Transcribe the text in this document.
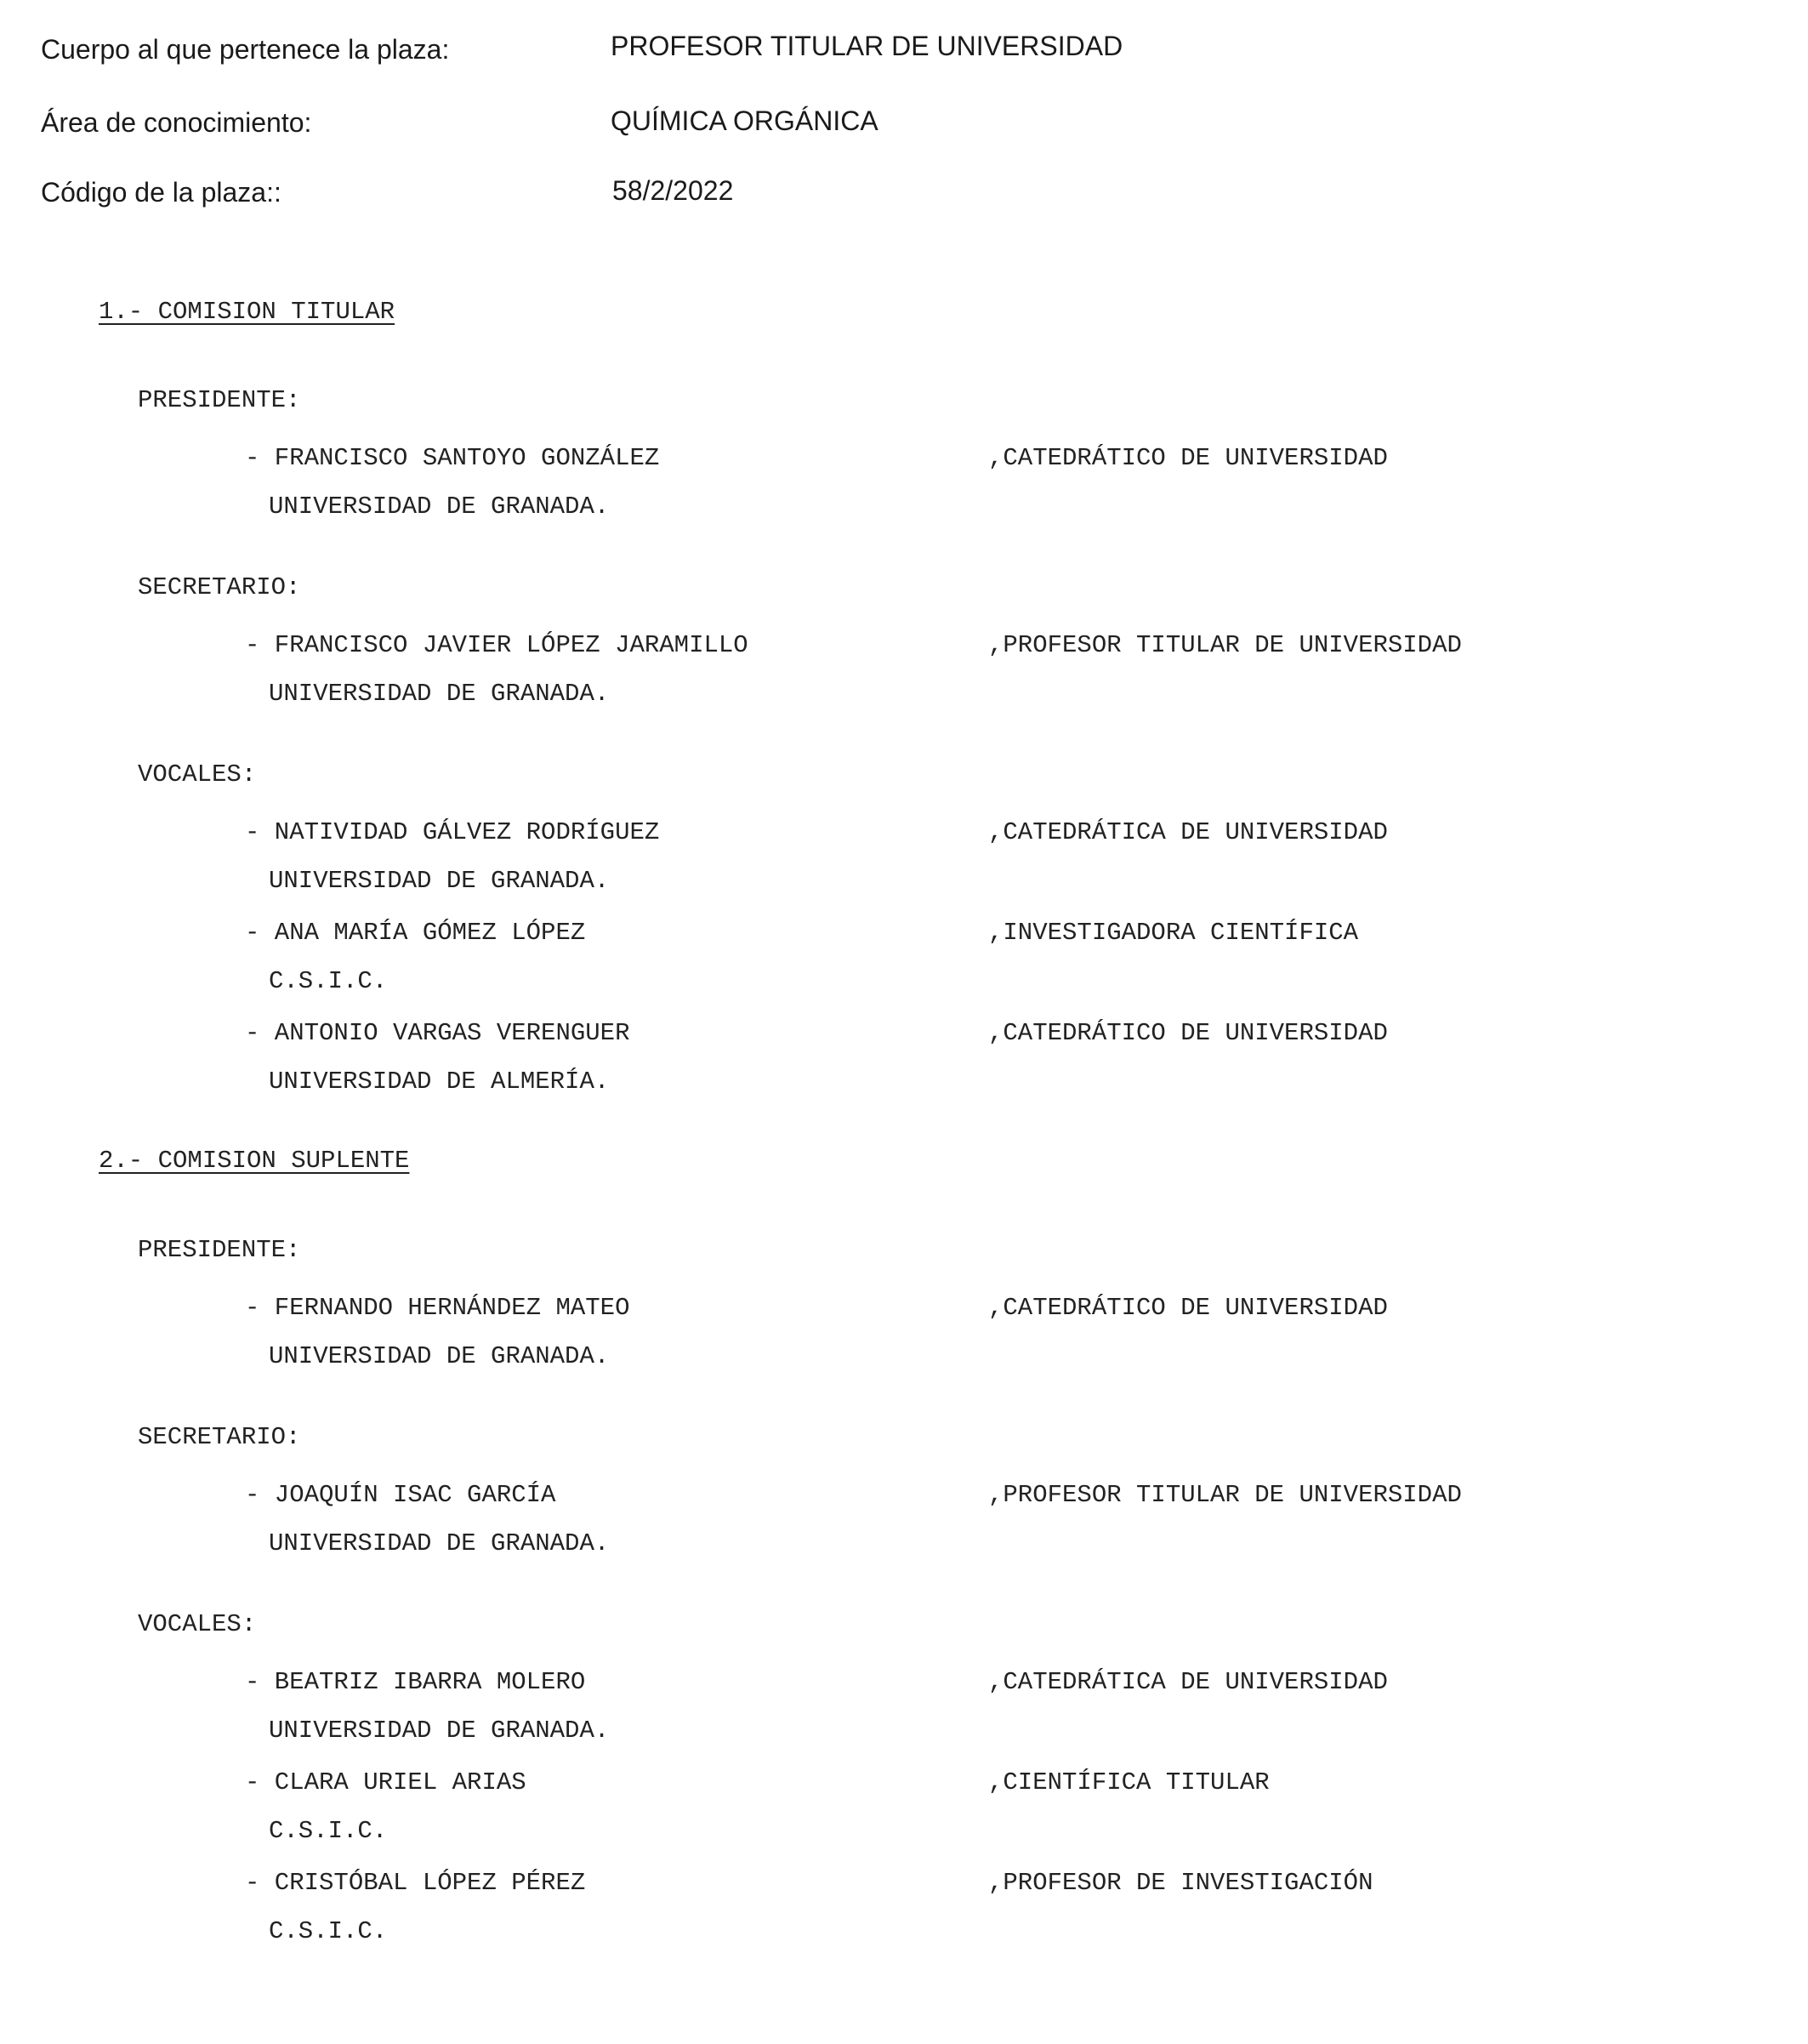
Cuerpo al que pertenece la plaza:	PROFESOR TITULAR DE UNIVERSIDAD
Área de conocimiento:	QUÍMICA ORGÁNICA
Código de la plaza::	58/2/2022
1.- COMISION TITULAR
PRESIDENTE:
- FRANCISCO SANTOYO GONZÁLEZ	,CATEDRÁTICO DE UNIVERSIDAD
UNIVERSIDAD DE GRANADA.
SECRETARIO:
- FRANCISCO JAVIER LÓPEZ JARAMILLO	,PROFESOR TITULAR DE UNIVERSIDAD
UNIVERSIDAD DE GRANADA.
VOCALES:
- NATIVIDAD GÁLVEZ RODRÍGUEZ	,CATEDRÁTICA DE UNIVERSIDAD
UNIVERSIDAD DE GRANADA.
- ANA MARÍA GÓMEZ LÓPEZ	,INVESTIGADORA CIENTÍFICA
C.S.I.C.
- ANTONIO VARGAS VERENGUER	,CATEDRÁTICO DE UNIVERSIDAD
UNIVERSIDAD DE ALMERÍA.
2.- COMISION SUPLENTE
PRESIDENTE:
- FERNANDO HERNÁNDEZ MATEO	,CATEDRÁTICO DE UNIVERSIDAD
UNIVERSIDAD DE GRANADA.
SECRETARIO:
- JOAQUÍN ISAC GARCÍA	,PROFESOR TITULAR DE UNIVERSIDAD
UNIVERSIDAD DE GRANADA.
VOCALES:
- BEATRIZ IBARRA MOLERO	,CATEDRÁTICA DE UNIVERSIDAD
UNIVERSIDAD DE GRANADA.
- CLARA URIEL ARIAS	,CIENTÍFICA TITULAR
C.S.I.C.
- CRISTÓBAL LÓPEZ PÉREZ	,PROFESOR DE INVESTIGACIÓN
C.S.I.C.
